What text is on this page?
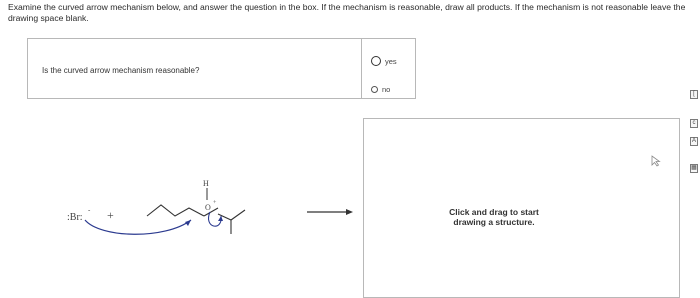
Examine the curved arrow mechanism below, and answer the question in the box. If the mechanism is reasonable, draw all products. If the mechanism is not reasonable leave the drawing space blank.
Is the curved arrow mechanism reasonable?
yes
no
:Br:
- +
H
O +
Click and drag to start drawing a structure.
[
c
A
▦
